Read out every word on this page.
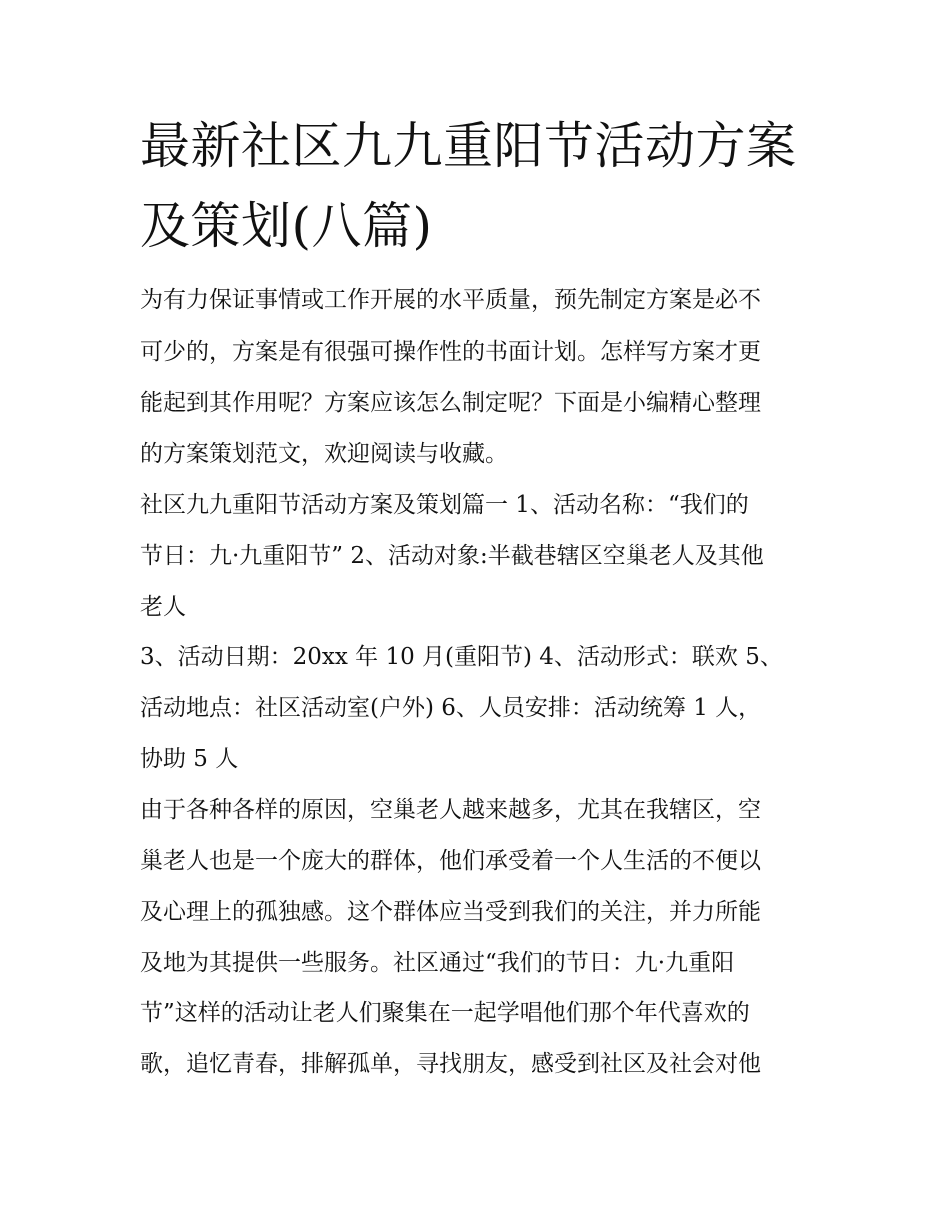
最新社区九九重阳节活动方案
及策划(八篇)

为有力保证事情或工作开展的水平质量，预先制定方案是必不

可少的，方案是有很强可操作性的书面计划。怎样写方案才更

能起到其作用呢？方案应该怎么制定呢？下面是小编精心整理

的方案策划范文，欢迎阅读与收藏。

社区九九重阳节活动方案及策划篇一 1、活动名称：“我们的

节日：九·九重阳节” 2、活动对象:半截巷辖区空巢老人及其他

老人

3、活动日期：20xx 年 10 月(重阳节) 4、活动形式：联欢 5、

活动地点：社区活动室(户外) 6、人员安排：活动统筹 1 人，

协助 5 人

由于各种各样的原因，空巢老人越来越多，尤其在我辖区，空

巢老人也是一个庞大的群体，他们承受着一个人生活的不便以

及心理上的孤独感。这个群体应当受到我们的关注，并力所能

及地为其提供一些服务。社区通过“我们的节日：九·九重阳

节”这样的活动让老人们聚集在一起学唱他们那个年代喜欢的

歌，追忆青春，排解孤单，寻找朋友，感受到社区及社会对他
